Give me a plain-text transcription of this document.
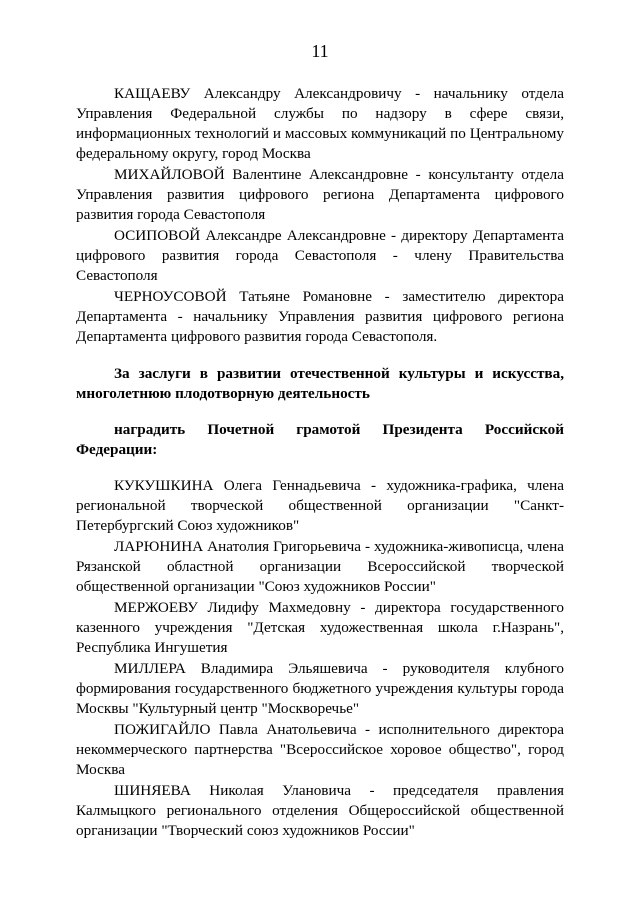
11

КАЩАЕВУ Александру Александровичу - начальнику отдела Управления Федеральной службы по надзору в сфере связи, информационных технологий и массовых коммуникаций по Центральному федеральному округу, город Москва

МИХАЙЛОВОЙ Валентине Александровне - консультанту отдела Управления развития цифрового региона Департамента цифрового развития города Севастополя

ОСИПОВОЙ Александре Александровне - директору Департамента цифрового развития города Севастополя - члену Правительства Севастополя

ЧЕРНОУСОВОЙ Татьяне Романовне - заместителю директора Департамента - начальнику Управления развития цифрового региона Департамента цифрового развития города Севастополя.

За заслуги в развитии отечественной культуры и искусства, многолетнюю плодотворную деятельность

наградить Почетной грамотой Президента Российской Федерации:

КУКУШКИНА Олега Геннадьевича - художника-графика, члена региональной творческой общественной организации "Санкт-Петербургский Союз художников"

ЛАРЮНИНА Анатолия Григорьевича - художника-живописца, члена Рязанской областной организации Всероссийской творческой общественной организации "Союз художников России"

МЕРЖОЕВУ Лидифу Махмедовну - директора государственного казенного учреждения "Детская художественная школа г.Назрань", Республика Ингушетия

МИЛЛЕРА Владимира Эльяшевича - руководителя клубного формирования государственного бюджетного учреждения культуры города Москвы "Культурный центр "Москворечье"

ПОЖИГАЙЛО Павла Анатольевича - исполнительного директора некоммерческого партнерства "Всероссийское хоровое общество", город Москва

ШИНЯЕВА Николая Улановича - председателя правления Калмыцкого регионального отделения Общероссийской общественной организации "Творческий союз художников России"
